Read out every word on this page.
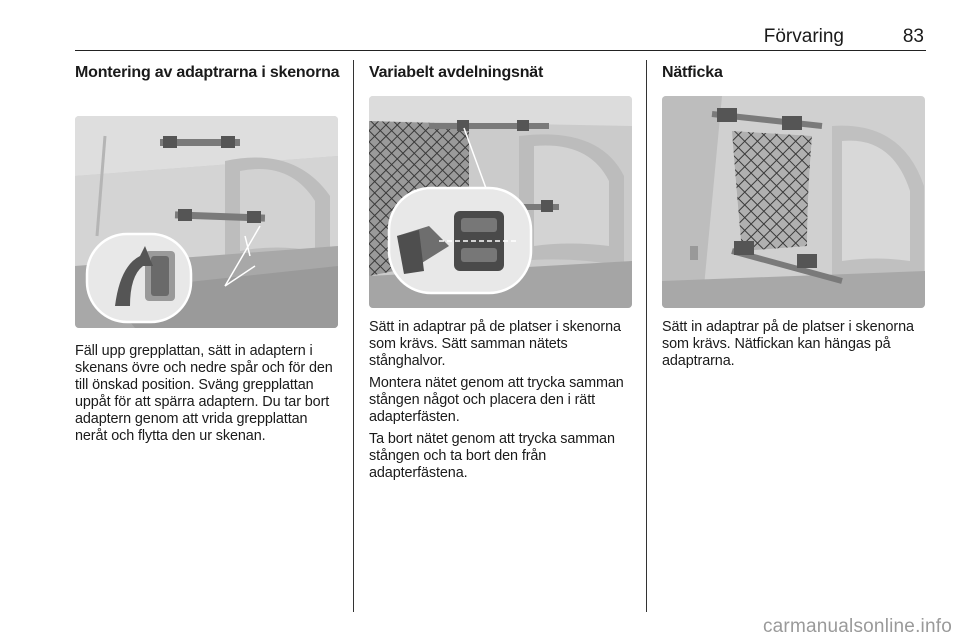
Förvaring	83
Montering av adaptrarna i skenorna

Fäll upp grepplattan, sätt in adaptern i skenans övre och nedre spår och för den till önskad position. Sväng grepplattan uppåt för att spärra adaptern. Du tar bort adaptern genom att vrida grepplattan neråt och flytta den ur skenan.

Variabelt avdelningsnät

Sätt in adaptrar på de platser i skenorna som krävs. Sätt samman nätets stånghalvor.

Montera nätet genom att trycka samman stången något och placera den i rätt adapterfästen.

Ta bort nätet genom att trycka samman stången och ta bort den från adapterfästena.

Nätficka

Sätt in adaptrar på de platser i skenorna som krävs. Nätfickan kan hängas på adaptrarna.

carmanualsonline.info
